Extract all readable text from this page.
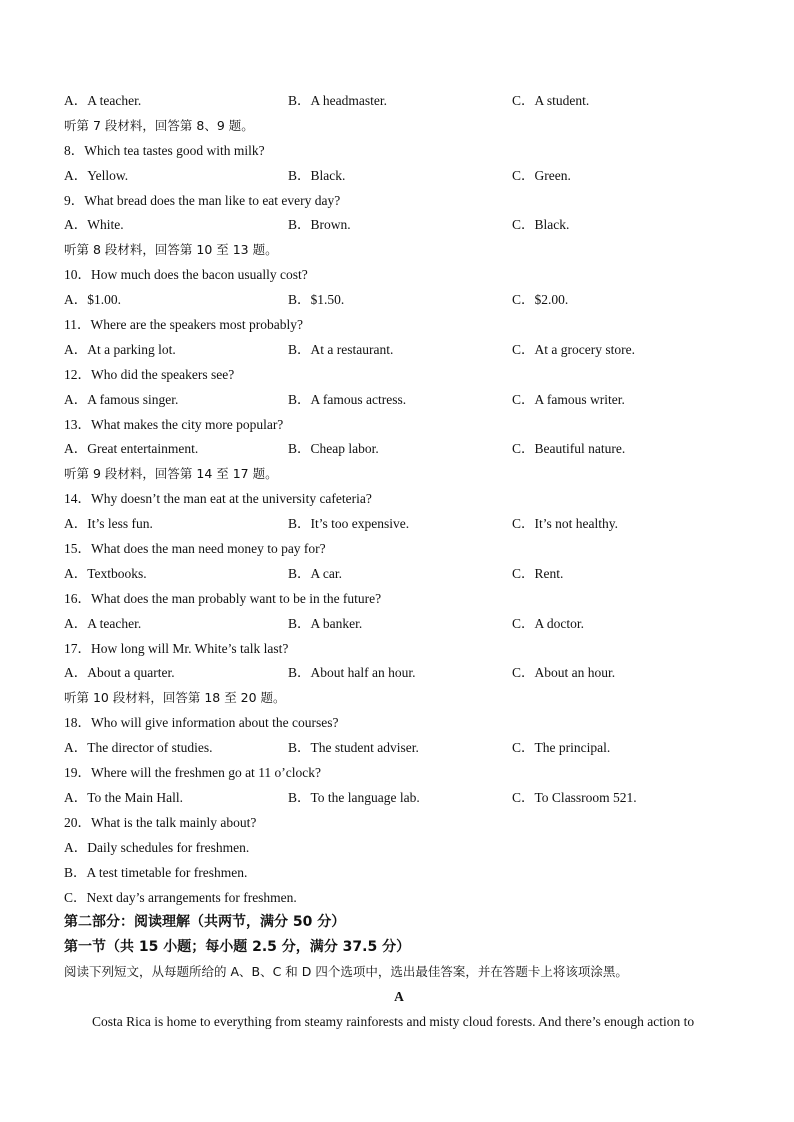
A．A teacher.	B．A headmaster.	C．A student.
听第 7 段材料，回答第 8、9 题。
8．Which tea tastes good with milk?
A．Yellow.	B．Black.	C．Green.
9．What bread does the man like to eat every day?
A．White.	B．Brown.	C．Black.
听第 8 段材料，回答第 10 至 13 题。
10．How much does the bacon usually cost?
A．$1.00.	B．$1.50.	C．$2.00.
11．Where are the speakers most probably?
A．At a parking lot.	B．At a restaurant.	C．At a grocery store.
12．Who did the speakers see?
A．A famous singer.	B．A famous actress.	C．A famous writer.
13．What makes the city more popular?
A．Great entertainment.	B．Cheap labor.	C．Beautiful nature.
听第 9 段材料，回答第 14 至 17 题。
14．Why doesn’t the man eat at the university cafeteria?
A．It’s less fun.	B．It’s too expensive.	C．It’s not healthy.
15．What does the man need money to pay for?
A．Textbooks.	B．A car.	C．Rent.
16．What does the man probably want to be in the future?
A．A teacher.	B．A banker.	C．A doctor.
17．How long will Mr. White’s talk last?
A．About a quarter.	B．About half an hour.	C．About an hour.
听第 10 段材料，回答第 18 至 20 题。
18．Who will give information about the courses?
A．The director of studies.	B．The student adviser.	C．The principal.
19．Where will the freshmen go at 11 o’clock?
A．To the Main Hall.	B．To the language lab.	C．To Classroom 521.
20．What is the talk mainly about?
A．Daily schedules for freshmen.
B．A test timetable for freshmen.
C．Next day’s arrangements for freshmen.
第二部分：阅读理解（共两节，满分 50 分）
第一节（共 15 小题；每小题 2.5 分，满分 37.5 分）
阅读下列短文，从每题所给的 A、B、C 和 D 四个选项中，选出最佳答案，并在答题卡上将该项涂黑。
A
Costa Rica is home to everything from steamy rainforests and misty cloud forests. And there’s enough action to
